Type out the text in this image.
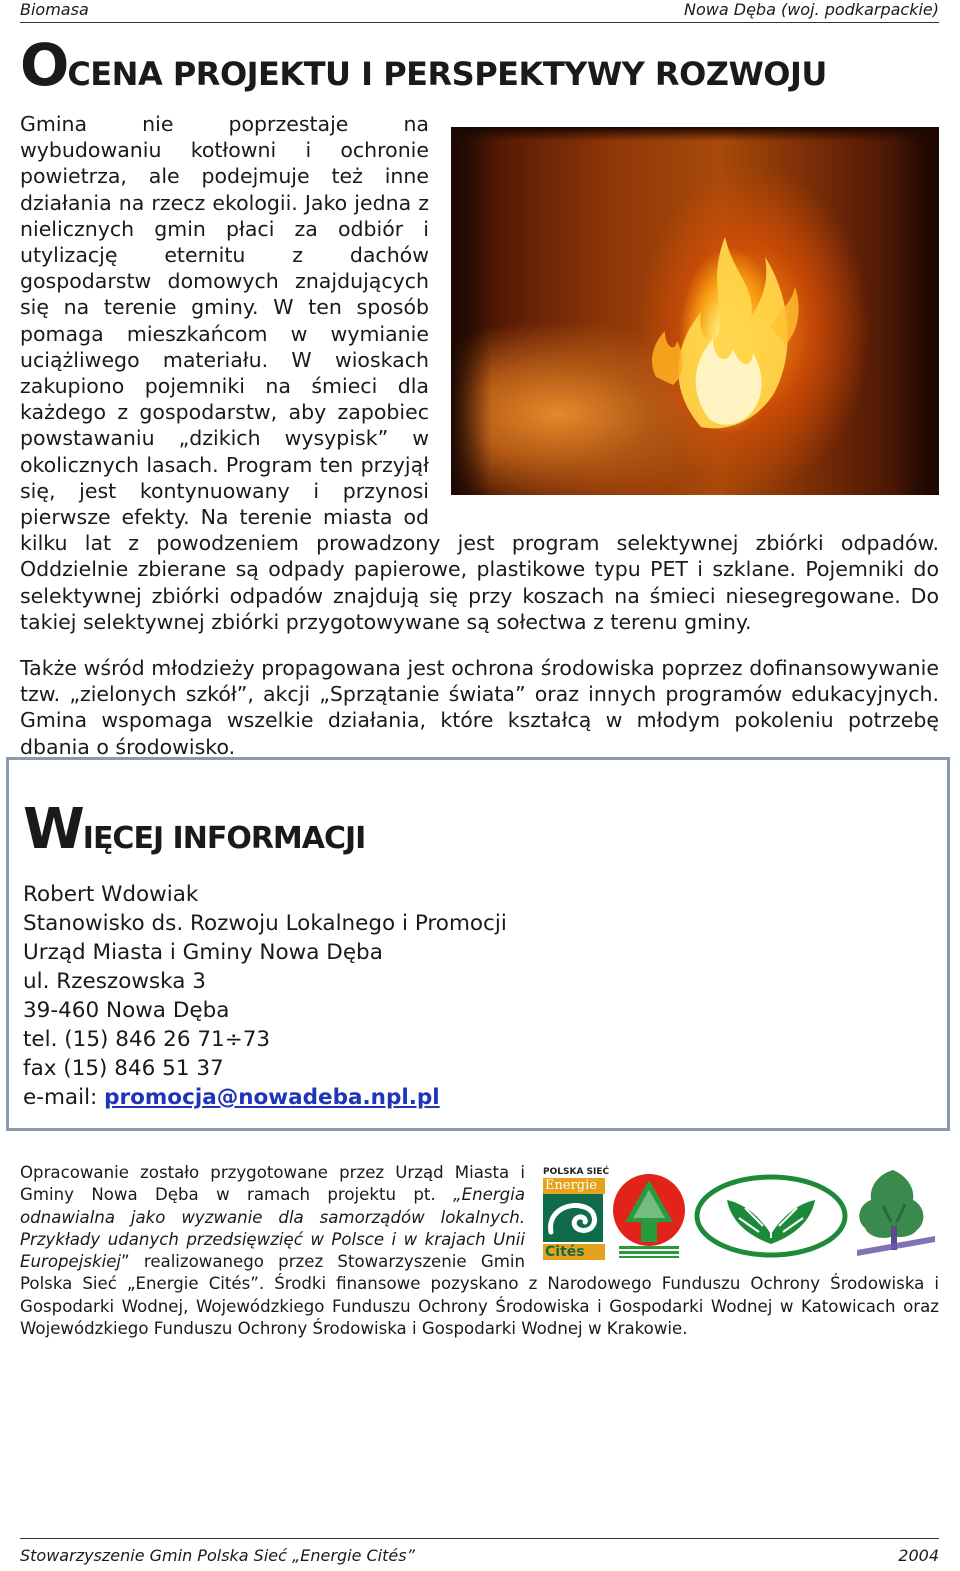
Biomasa	Nowa Dęba (woj. podkarpackie)
OCENA PROJEKTU I PERSPEKTYWY ROZWOJU

Gmina nie poprzestaje na wybudowaniu kotłowni i ochronie powietrza, ale podejmuje też inne działania na rzecz ekologii. Jako jedna z nielicznych gmin płaci za odbiór i utylizację eternitu z dachów gospodarstw domowych znajdujących się na terenie gminy. W ten sposób pomaga mieszkańcom w wymianie uciążliwego materiału. W wioskach zakupiono pojemniki na śmieci dla każdego z gospodarstw, aby zapobiec powstawaniu „dzikich wysypisk” w okolicznych lasach. Program ten przyjął się, jest kontynuowany i przynosi pierwsze efekty. Na terenie miasta od kilku lat z powodzeniem prowadzony jest program selektywnej zbiórki odpadów. Oddzielnie zbierane są odpady papierowe, plastikowe typu PET i szklane. Pojemniki do selektywnej zbiórki odpadów znajdują się przy koszach na śmieci niesegregowane. Do takiej selektywnej zbiórki przygotowywane są sołectwa z terenu gminy.

Także wśród młodzieży propagowana jest ochrona środowiska poprzez dofinansowywanie tzw. „zielonych szkół”, akcji „Sprzątanie świata” oraz innych programów edukacyjnych. Gmina wspomaga wszelkie działania, które kształcą w młodym pokoleniu potrzebę dbania o środowisko.

WIĘCEJ INFORMACJI
Robert Wdowiak
Stanowisko ds. Rozwoju Lokalnego i Promocji
Urząd Miasta i Gminy Nowa Dęba
ul. Rzeszowska 3
39-460 Nowa Dęba
tel. (15) 846 26 71÷73
fax (15) 846 51 37
e-mail: promocja@nowadeba.npl.pl
POLSKA SIEĆ
Energie
Cités
Opracowanie zostało przygotowane przez Urząd Miasta i Gminy Nowa Dęba w ramach projektu pt. „Energia odnawialna jako wyzwanie dla samorządów lokalnych. Przykłady udanych przedsięwzięć w Polsce i w krajach Unii Europejskiej” realizowanego przez Stowarzyszenie Gmin Polska Sieć „Energie Cités”. Środki finansowe pozyskano z Narodowego Funduszu Ochrony Środowiska i Gospodarki Wodnej, Wojewódzkiego Funduszu Ochrony Środowiska i Gospodarki Wodnej w Katowicach oraz Wojewódzkiego Funduszu Ochrony Środowiska i Gospodarki Wodnej w Krakowie.
Stowarzyszenie Gmin Polska Sieć „Energie Cités”	2004
